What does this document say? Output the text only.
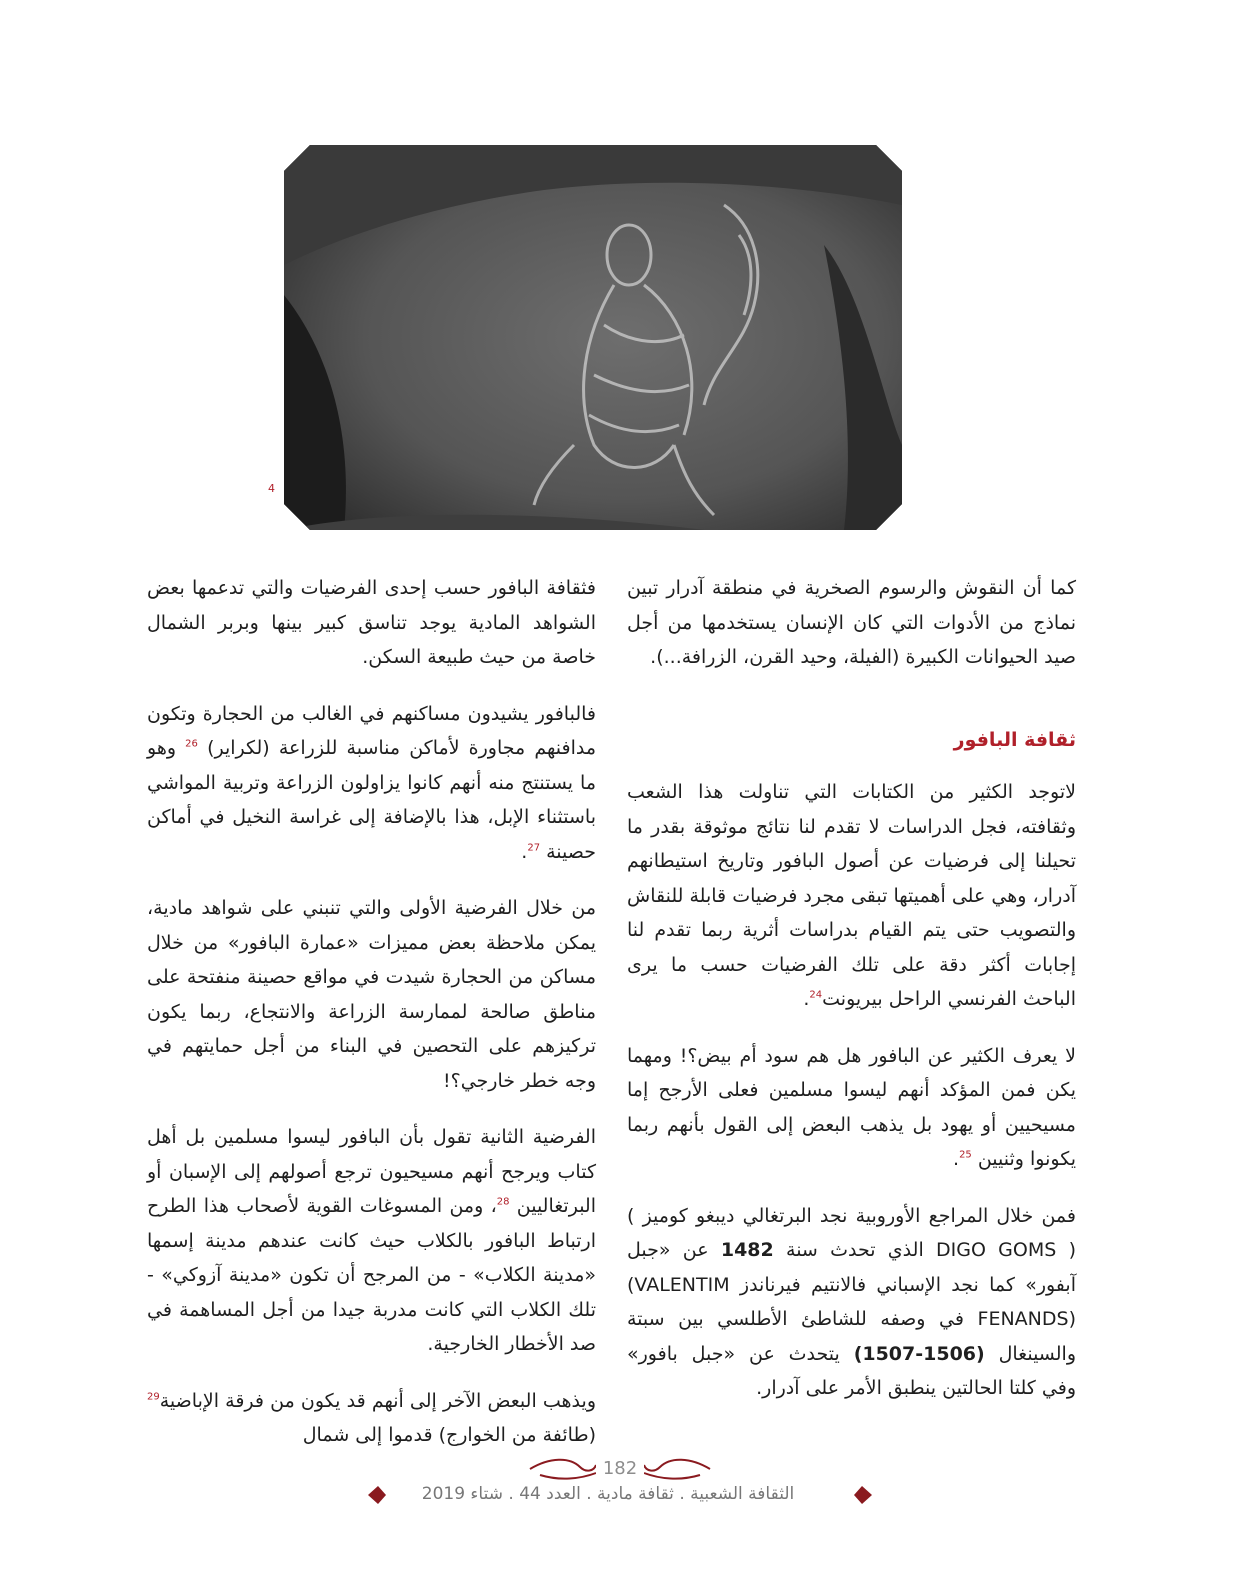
4

كما أن النقوش والرسوم الصخرية في منطقة آدرار تبين نماذج من الأدوات التي كان الإنسان يستخدمها من أجل صيد الحيوانات الكبيرة (الفيلة، وحيد القرن، الزرافة...).

ثقافة البافور

لاتوجد الكثير من الكتابات التي تناولت هذا الشعب وثقافته، فجل الدراسات لا تقدم لنا نتائج موثوقة بقدر ما تحيلنا إلى فرضيات عن أصول البافور وتاريخ استيطانهم آدرار، وهي على أهميتها تبقى مجرد فرضيات قابلة للنقاش والتصويب حتى يتم القيام بدراسات أثرية ربما تقدم لنا إجابات أكثر دقة على تلك الفرضيات حسب ما يرى الباحث الفرنسي الراحل بيريونت$^{24}$.

لا يعرف الكثير عن البافور هل هم سود أم بيض؟! ومهما يكن فمن المؤكد أنهم ليسوا مسلمين فعلى الأرجح إما مسيحيين أو يهود بل يذهب البعض إلى القول بأنهم ربما يكونوا وثنيين $^{25}$.

فمن خلال المراجع الأوروبية نجد البرتغالي ديبغو كوميز ( DIGO GOMS ) الذي تحدث سنة 1482 عن «جبل آبفور» كما نجد الإسباني فالانتيم فيرناندز (VALENTIM FENANDS) في وصفه للشاطئ الأطلسي بين سبتة والسينغال (1507-1506) يتحدث عن «جبل بافور» وفي كلتا الحالتين ينطبق الأمر على آدرار.

فثقافة البافور حسب إحدى الفرضيات والتي تدعمها بعض الشواهد المادية يوجد تناسق كبير بينها وبربر الشمال خاصة من حيث طبيعة السكن.

فالبافور يشيدون مساكنهم في الغالب من الحجارة وتكون مدافنهم مجاورة لأماكن مناسبة للزراعة (لكراير) $^{26}$ وهو ما يستنتج منه أنهم كانوا يزاولون الزراعة وتربية المواشي باستثناء الإبل، هذا بالإضافة إلى غراسة النخيل في أماكن حصينة $^{27}$.

من خلال الفرضية الأولى والتي تنبني على شواهد مادية، يمكن ملاحظة بعض مميزات «عمارة البافور» من خلال مساكن من الحجارة شيدت في مواقع حصينة منفتحة على مناطق صالحة لممارسة الزراعة والانتجاع، ربما يكون تركيزهم على التحصين في البناء من أجل حمايتهم في وجه خطر خارجي؟!

الفرضية الثانية تقول بأن البافور ليسوا مسلمين بل أهل كتاب ويرجح أنهم مسيحيون ترجع أصولهم إلى الإسبان أو البرتغاليين $^{28}$، ومن المسوغات القوية لأصحاب هذا الطرح ارتباط البافور بالكلاب حيث كانت عندهم مدينة إسمها «مدينة الكلاب» - من المرجح أن تكون «مدينة آزوكي» - تلك الكلاب التي كانت مدربة جيدا من أجل المساهمة في صد الأخطار الخارجية.

ويذهب البعض الآخر إلى أنهم قد يكون من فرقة الإباضية$^{29}$ (طائفة من الخوارج) قدموا إلى شمال

182
الثقافة الشعبية . ثقافة مادية . العدد 44 . شتاء 2019
